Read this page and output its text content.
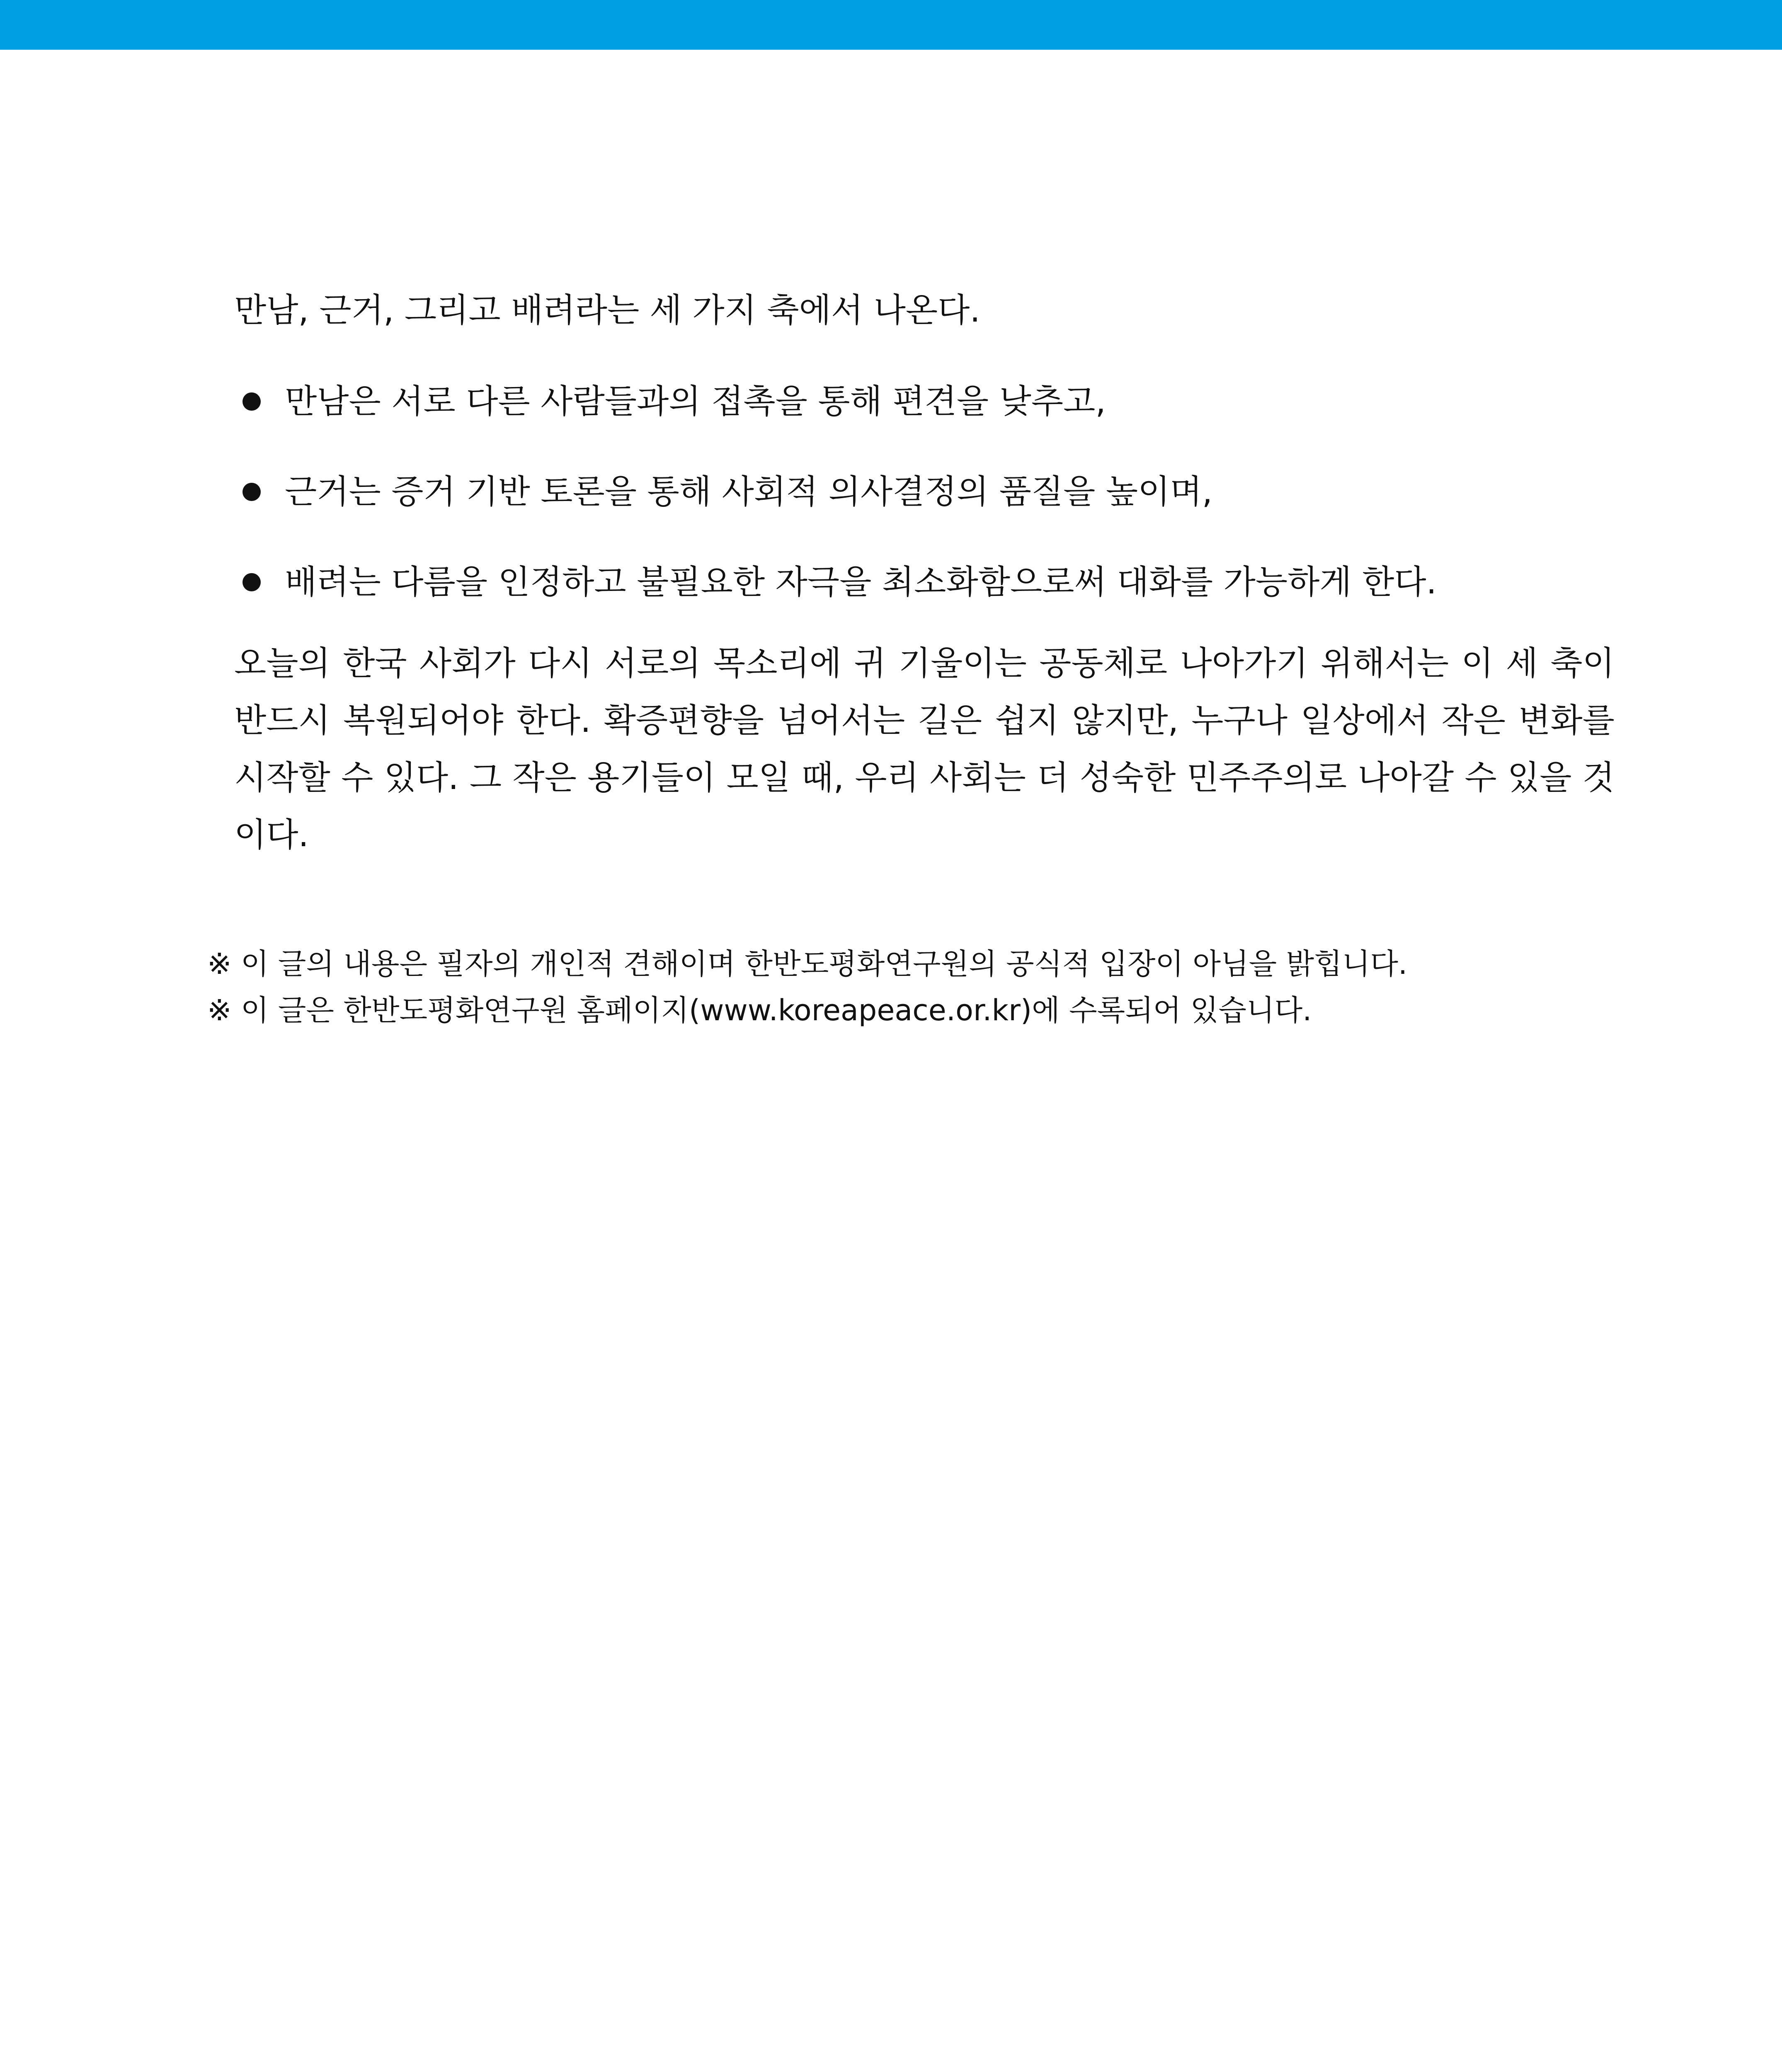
만남, 근거, 그리고 배려라는 세 가지 축에서 나온다.

만남은 서로 다른 사람들과의 접촉을 통해 편견을 낮추고,
근거는 증거 기반 토론을 통해 사회적 의사결정의 품질을 높이며,
배려는 다름을 인정하고 불필요한 자극을 최소화함으로써 대화를 가능하게 한다.

오늘의 한국 사회가 다시 서로의 목소리에 귀 기울이는 공동체로 나아가기 위해서는 이 세 축이 반드시 복원되어야 한다. 확증편향을 넘어서는 길은 쉽지 않지만, 누구나 일상에서 작은 변화를 시작할 수 있다. 그 작은 용기들이 모일 때, 우리 사회는 더 성숙한 민주주의로 나아갈 수 있을 것이다.

※ 이 글의 내용은 필자의 개인적 견해이며 한반도평화연구원의 공식적 입장이 아님을 밝힙니다.
※ 이 글은 한반도평화연구원 홈페이지(www.koreapeace.or.kr)에 수록되어 있습니다.
